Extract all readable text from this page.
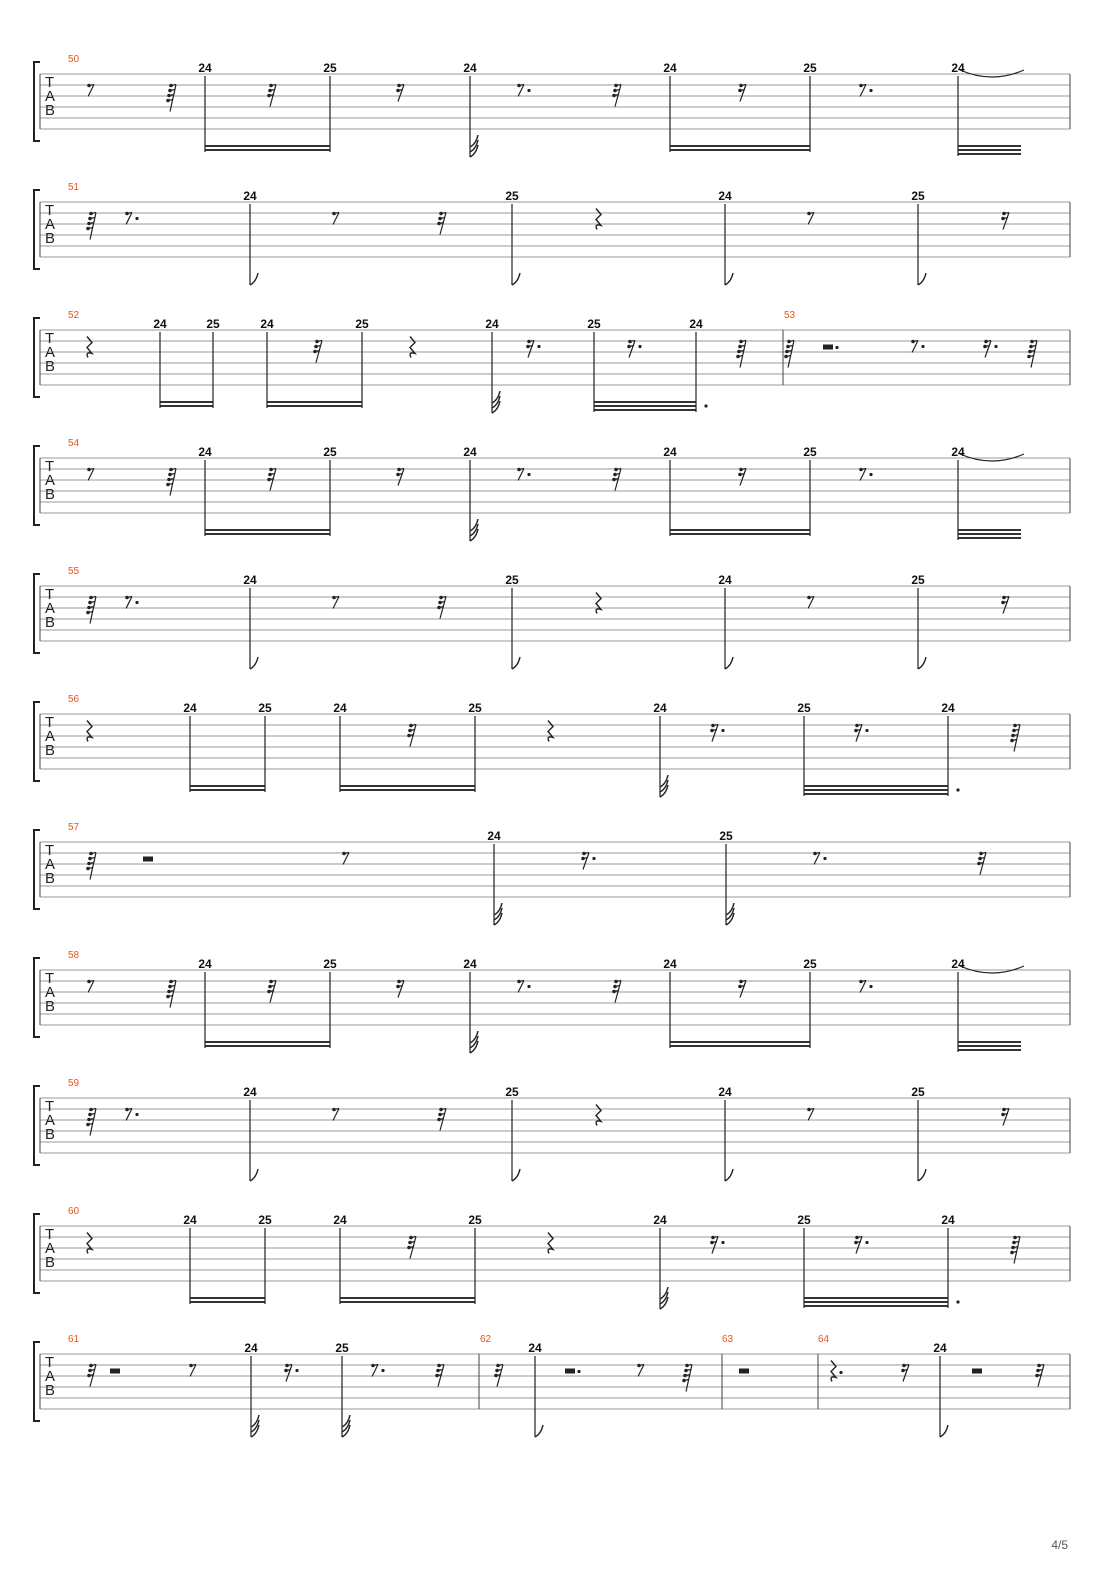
T
A
B
50
24	25	24	24	25	24
T
A
B
51
24	25	24	25
T
A
B
52	53
24	25	24	25	24	25	24
T
A
B
54
24	25	24	24	25	24
T
A
B
55
24	25	24	25
T
A
B
56
24	25	24	25	24	25	24
T
A
B
57
24	25
T
A
B
58
24	25	24	24	25	24
T
A
B
59
24	25	24	25
T
A
B
60
24	25	24	25	24	25	24
T
A
B
61	62	63	64
24	25	24	24
4/5
